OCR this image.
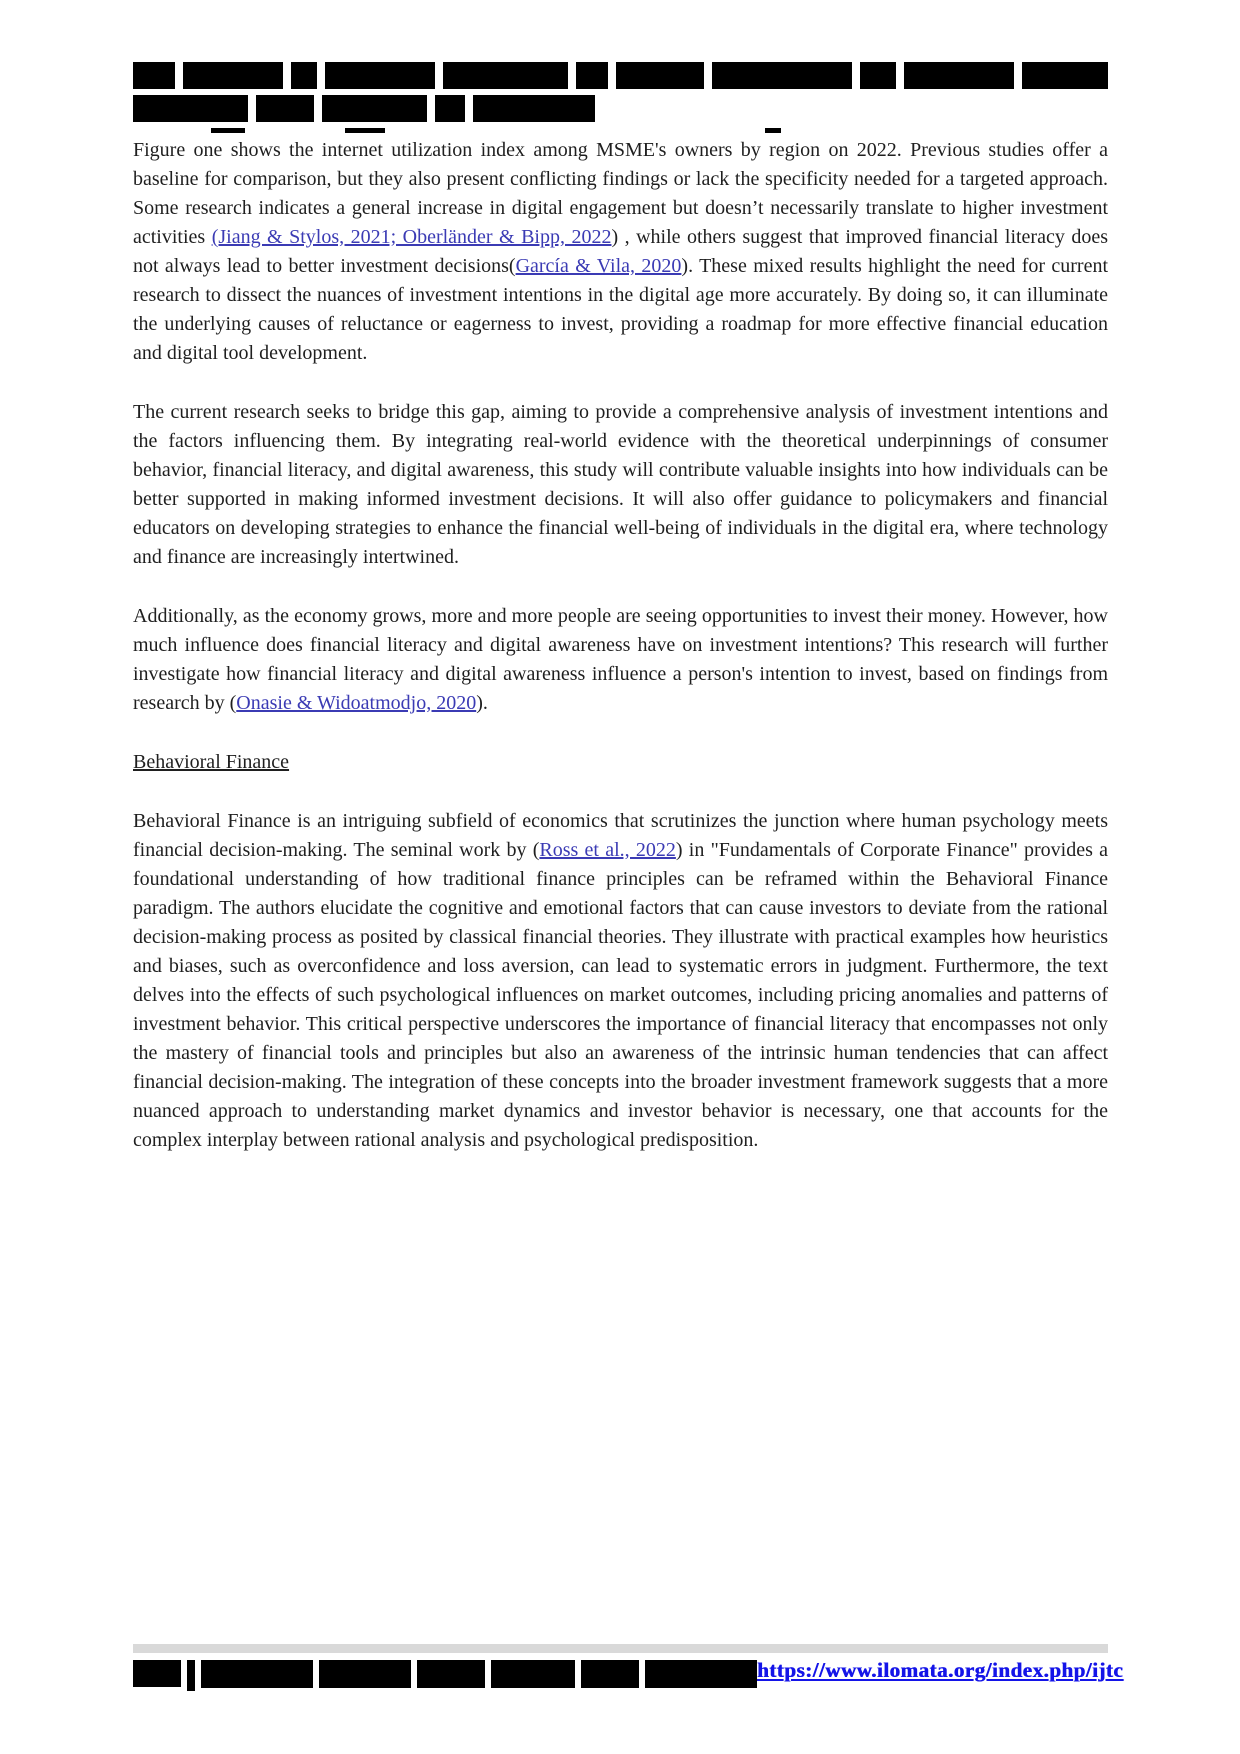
Figure one shows the internet utilization index among MSME's owners by region on 2022. Previous studies offer a baseline for comparison, but they also present conflicting findings or lack the specificity needed for a targeted approach. Some research indicates a general increase in digital engagement but doesn’t necessarily translate to higher investment activities (Jiang & Stylos, 2021; Oberländer & Bipp, 2022) , while others suggest that improved financial literacy does not always lead to better investment decisions(García & Vila, 2020). These mixed results highlight the need for current research to dissect the nuances of investment intentions in the digital age more accurately. By doing so, it can illuminate the underlying causes of reluctance or eagerness to invest, providing a roadmap for more effective financial education and digital tool development.

The current research seeks to bridge this gap, aiming to provide a comprehensive analysis of investment intentions and the factors influencing them. By integrating real-world evidence with the theoretical underpinnings of consumer behavior, financial literacy, and digital awareness, this study will contribute valuable insights into how individuals can be better supported in making informed investment decisions. It will also offer guidance to policymakers and financial educators on developing strategies to enhance the financial well-being of individuals in the digital era, where technology and finance are increasingly intertwined.

Additionally, as the economy grows, more and more people are seeing opportunities to invest their money. However, how much influence does financial literacy and digital awareness have on investment intentions? This research will further investigate how financial literacy and digital awareness influence a person's intention to invest, based on findings from research by (Onasie & Widoatmodjo, 2020).

Behavioral Finance

Behavioral Finance is an intriguing subfield of economics that scrutinizes the junction where human psychology meets financial decision-making. The seminal work by (Ross et al., 2022) in "Fundamentals of Corporate Finance" provides a foundational understanding of how traditional finance principles can be reframed within the Behavioral Finance paradigm. The authors elucidate the cognitive and emotional factors that can cause investors to deviate from the rational decision-making process as posited by classical financial theories. They illustrate with practical examples how heuristics and biases, such as overconfidence and loss aversion, can lead to systematic errors in judgment. Furthermore, the text delves into the effects of such psychological influences on market outcomes, including pricing anomalies and patterns of investment behavior. This critical perspective underscores the importance of financial literacy that encompasses not only the mastery of financial tools and principles but also an awareness of the intrinsic human tendencies that can affect financial decision-making. The integration of these concepts into the broader investment framework suggests that a more nuanced approach to understanding market dynamics and investor behavior is necessary, one that accounts for the complex interplay between rational analysis and psychological predisposition.

https://www.ilomata.org/index.php/ijtc
